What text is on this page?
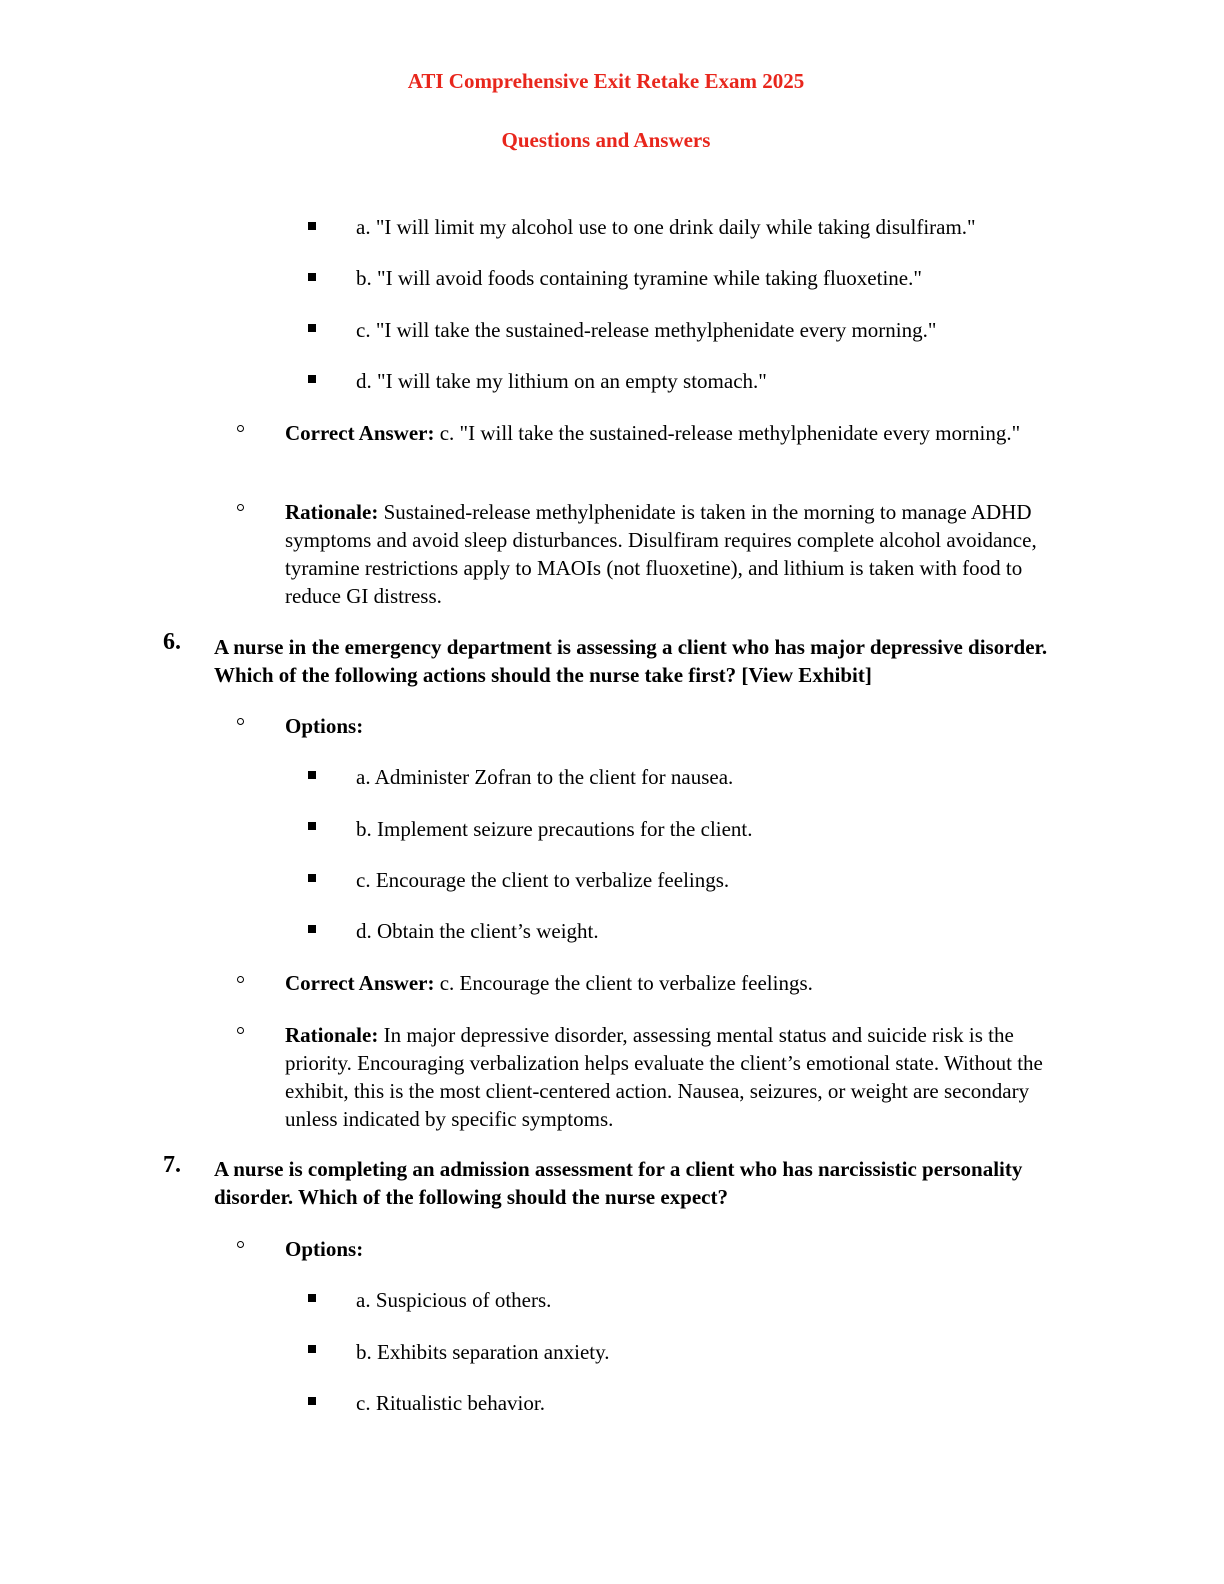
ATI Comprehensive Exit Retake Exam 2025
Questions and Answers
a. "I will limit my alcohol use to one drink daily while taking disulfiram."
b. "I will avoid foods containing tyramine while taking fluoxetine."
c. "I will take the sustained-release methylphenidate every morning."
d. "I will take my lithium on an empty stomach."
Correct Answer: c. "I will take the sustained-release methylphenidate every morning."
Rationale: Sustained-release methylphenidate is taken in the morning to manage ADHD symptoms and avoid sleep disturbances. Disulfiram requires complete alcohol avoidance, tyramine restrictions apply to MAOIs (not fluoxetine), and lithium is taken with food to reduce GI distress.
6. A nurse in the emergency department is assessing a client who has major depressive disorder. Which of the following actions should the nurse take first? [View Exhibit]
Options:
a. Administer Zofran to the client for nausea.
b. Implement seizure precautions for the client.
c. Encourage the client to verbalize feelings.
d. Obtain the client’s weight.
Correct Answer: c. Encourage the client to verbalize feelings.
Rationale: In major depressive disorder, assessing mental status and suicide risk is the priority. Encouraging verbalization helps evaluate the client’s emotional state. Without the exhibit, this is the most client-centered action. Nausea, seizures, or weight are secondary unless indicated by specific symptoms.
7. A nurse is completing an admission assessment for a client who has narcissistic personality disorder. Which of the following should the nurse expect?
Options:
a. Suspicious of others.
b. Exhibits separation anxiety.
c. Ritualistic behavior.
